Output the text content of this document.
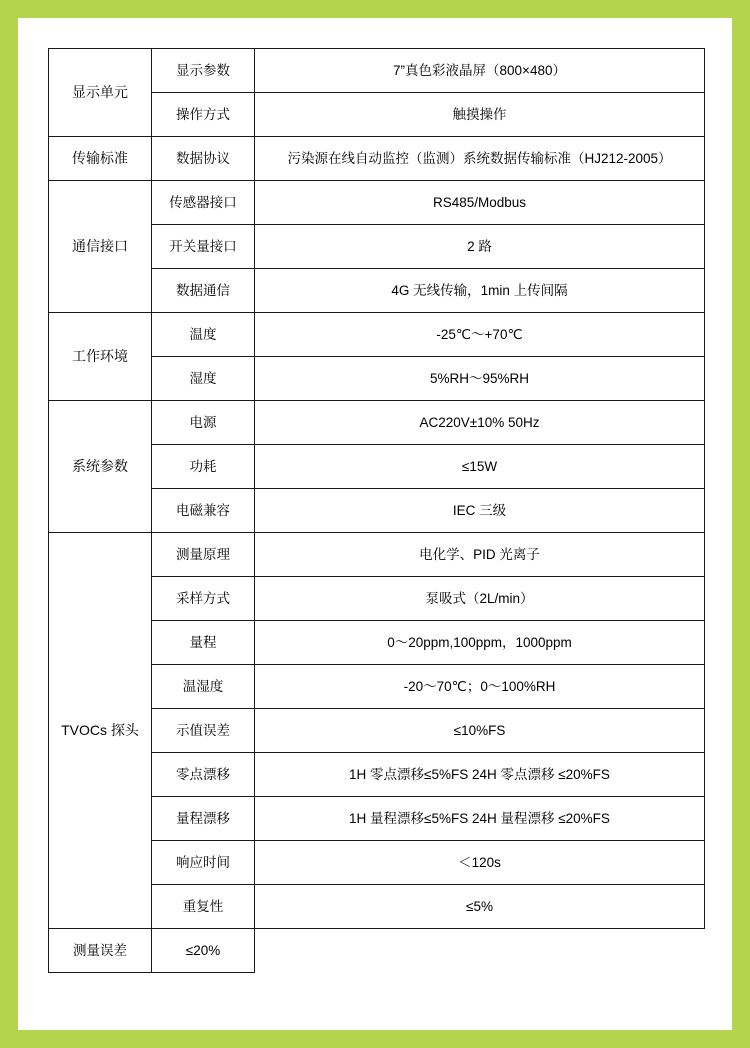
显示单元	显示参数	7”真色彩液晶屏（800×480）
	操作方式	触摸操作
传输标准	数据协议	污染源在线自动监控（监测）系统数据传输标准（HJ212-2005）
通信接口	传感器接口	RS485/Modbus
	开关量接口	2 路
	数据通信	4G 无线传输，1min 上传间隔
工作环境	温度	-25℃～+70℃
	湿度	5%RH～95%RH
系统参数	电源	AC220V±10% 50Hz
	功耗	≤15W
	电磁兼容	IEC 三级
TVOCs 探头	测量原理	电化学、PID 光离子
	采样方式	泵吸式（2L/min）
	量程	0～20ppm,100ppm，1000ppm
	温湿度	-20～70℃；0～100%RH
	示值误差	≤10%FS
	零点漂移	1H 零点漂移≤5%FS 24H 零点漂移 ≤20%FS
	量程漂移	1H 量程漂移≤5%FS 24H 量程漂移 ≤20%FS
	响应时间	＜120s
	重复性	≤5%
测量误差	≤20%	
